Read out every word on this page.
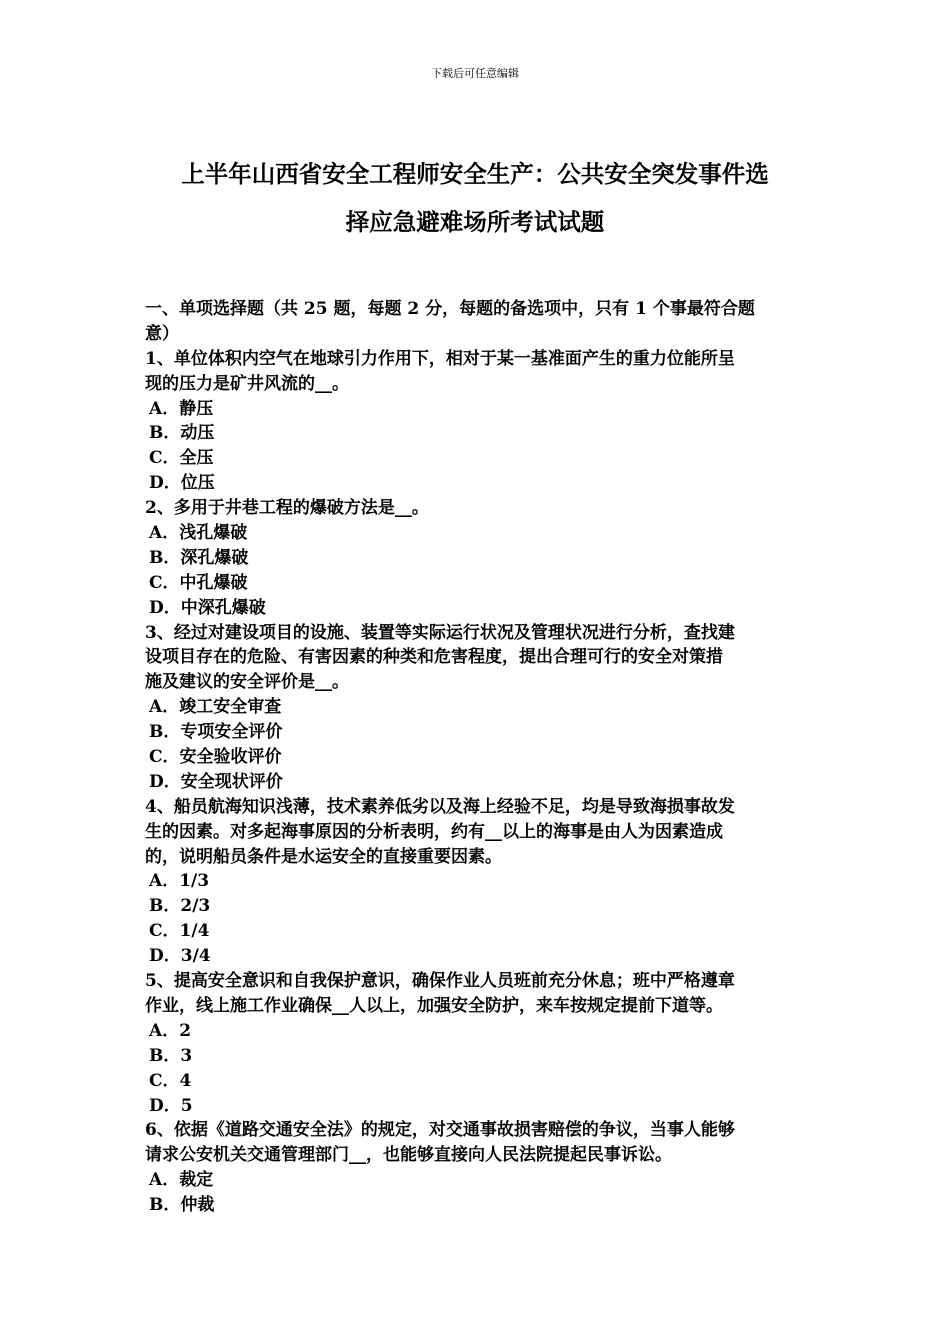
下载后可任意编辑
上半年山西省安全工程师安全生产：公共安全突发事件选
择应急避难场所考试试题
一、单项选择题（共 25 题，每题 2 分，每题的备选项中，只有 1 个事最符合题
意）
1、单位体积内空气在地球引力作用下，相对于某一基准面产生的重力位能所呈
现的压力是矿井风流的__。
A．静压
B．动压
C．全压
D．位压
2、多用于井巷工程的爆破方法是__。
A．浅孔爆破
B．深孔爆破
C．中孔爆破
D．中深孔爆破
3、经过对建设项目的设施、装置等实际运行状况及管理状况进行分析，查找建
设项目存在的危险、有害因素的种类和危害程度，提出合理可行的安全对策措
施及建议的安全评价是__。
A．竣工安全审查
B．专项安全评价
C．安全验收评价
D．安全现状评价
4、船员航海知识浅薄，技术素养低劣以及海上经验不足，均是导致海损事故发
生的因素。对多起海事原因的分析表明，约有__以上的海事是由人为因素造成
的，说明船员条件是水运安全的直接重要因素。
A．1/3
B．2/3
C．1/4
D．3/4
5、提高安全意识和自我保护意识，确保作业人员班前充分休息；班中严格遵章
作业，线上施工作业确保__人以上，加强安全防护，来车按规定提前下道等。
A．2
B．3
C．4
D．5
6、依据《道路交通安全法》的规定，对交通事故损害赔偿的争议，当事人能够
请求公安机关交通管理部门__，也能够直接向人民法院提起民事诉讼。
A．裁定
B．仲裁
